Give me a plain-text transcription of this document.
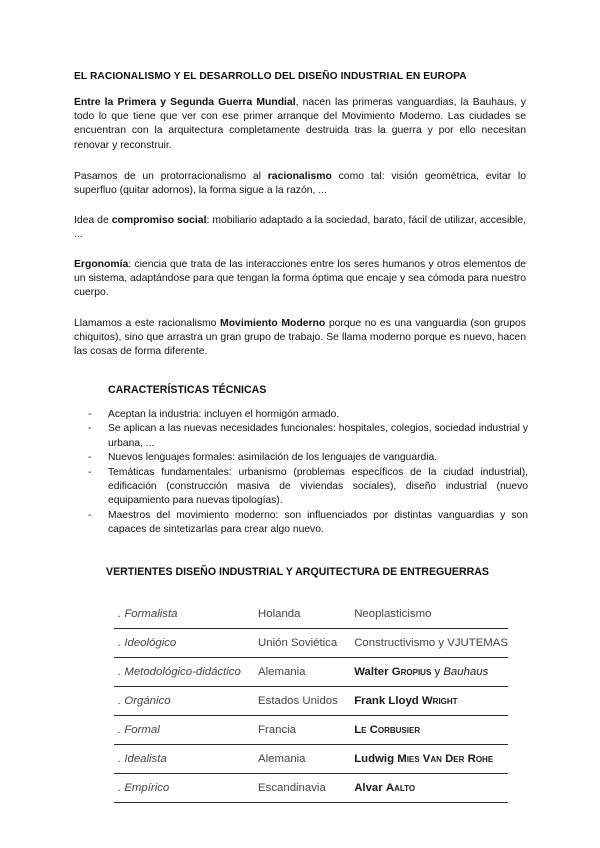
EL RACIONALISMO Y EL DESARROLLO DEL DISEÑO INDUSTRIAL EN EUROPA

Entre la Primera y Segunda Guerra Mundial, nacen las primeras vanguardias, la Bauhaus, y todo lo que tiene que ver con ese primer arranque del Movimiento Moderno. Las ciudades se encuentran con la arquitectura completamente destruida tras la guerra y por ello necesitan renovar y reconstruir.

Pasamos de un protorracionalismo al racionalismo como tal: visión geométrica, evitar lo superfluo (quitar adornos), la forma sigue a la razón, ...

Idea de compromiso social: mobiliario adaptado a la sociedad, barato, fácil de utilizar, accesible, ...

Ergonomía: ciencia que trata de las interacciones entre los seres humanos y otros elementos de un sistema, adaptándose para que tengan la forma óptima que encaje y sea cómoda para nuestro cuerpo.

Llamamos a este racionalismo Movimiento Moderno porque no es una vanguardia (son grupos chiquitos), sino que arrastra un gran grupo de trabajo. Se llama moderno porque es nuevo, hacen las cosas de forma diferente.

CARACTERÍSTICAS TÉCNICAS
- Aceptan la industria: incluyen el hormigón armado.
- Se aplican a las nuevas necesidades funcionales: hospitales, colegios, sociedad industrial y urbana, ...
- Nuevos lenguajes formales: asimilación de los lenguajes de vanguardia.
- Temáticas fundamentales: urbanismo (problemas específicos de la ciudad industrial), edificación (construcción masiva de viviendas sociales), diseño industrial (nuevo equipamiento para nuevas tipologías).
- Maestros del movimiento moderno: son influenciados por distintas vanguardias y son capaces de sintetizarlas para crear algo nuevo.
VERTIENTES DISEÑO INDUSTRIAL Y ARQUITECTURA DE ENTREGUERRAS
. Formalista	Holanda	Neoplasticismo
. Ideológico	Unión Soviética	Constructivismo y VJUTEMAS
. Metodológico-didáctico	Alemania	Walter Gropius y Bauhaus
. Orgánico	Estados Unidos	Frank Lloyd Wright
. Formal	Francia	Le Corbusier
. Idealista	Alemania	Ludwig Mies Van Der Rohe
. Empírico	Escandinavia	Alvar Aalto
